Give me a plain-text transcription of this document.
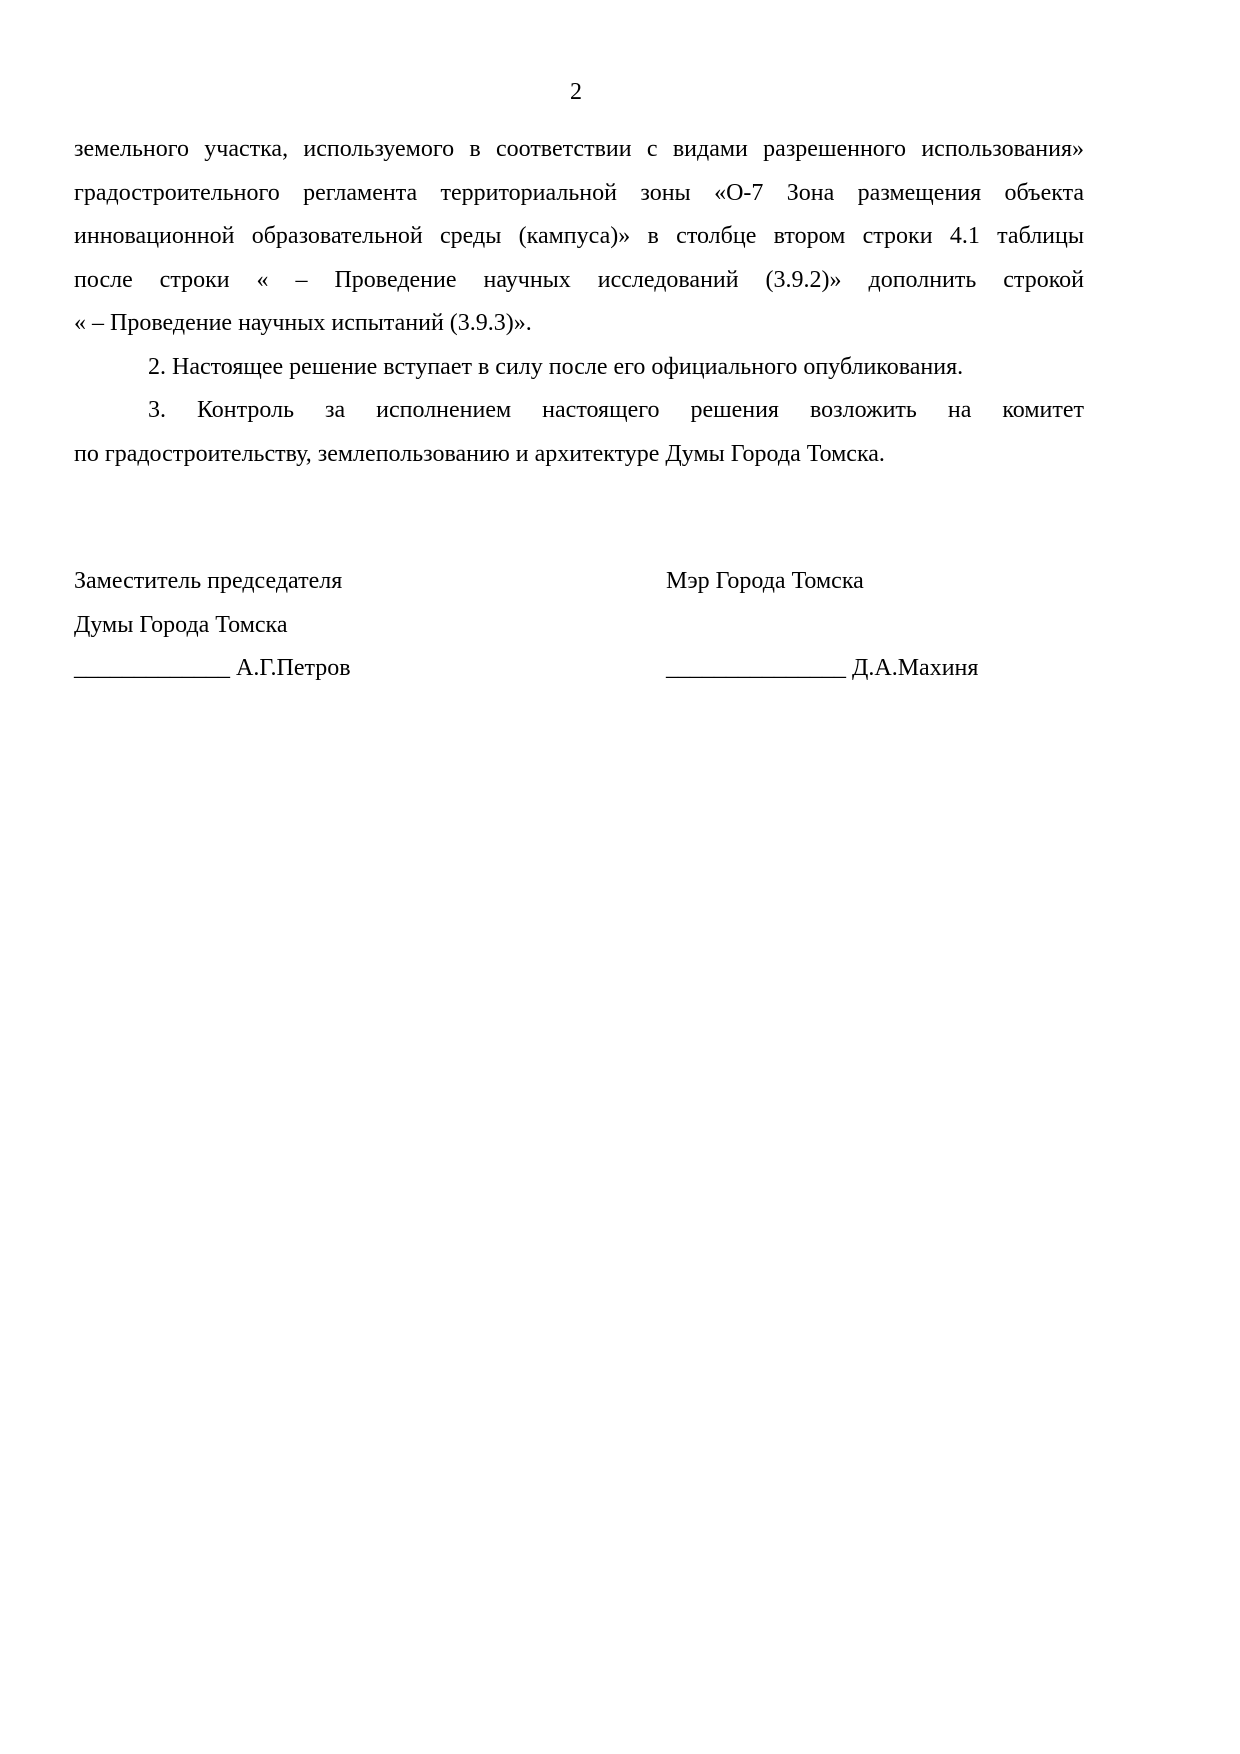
2

земельного участка, используемого в соответствии с видами разрешенного использования»
градостроительного регламента территориальной зоны «О-7 Зона размещения объекта
инновационной образовательной среды (кампуса)» в столбце втором строки 4.1 таблицы
после строки « – Проведение научных исследований (3.9.2)» дополнить строкой
« – Проведение научных испытаний (3.9.3)».

2. Настоящее решение вступает в силу после его официального опубликования.

3. Контроль за исполнением настоящего решения возложить на комитет
по градостроительству, землепользованию и архитектуре Думы Города Томска.

Заместитель председателя
Думы Города Томска
_____________ А.Г.Петров
Мэр Города Томска

_______________ Д.А.Махиня
